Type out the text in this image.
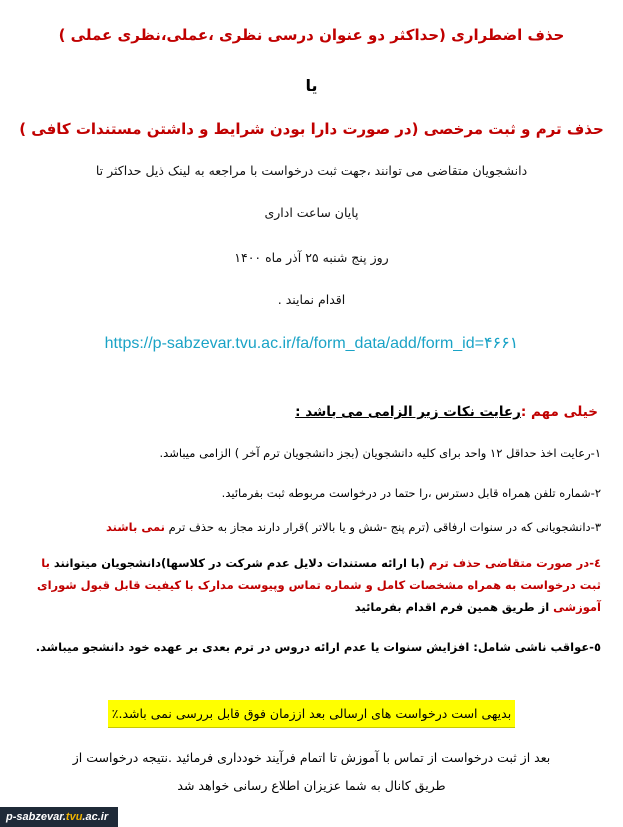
حذف اضطراری (حداکثر دو عنوان درسی نظری ،عملی،نظری عملی )
یا
حذف ترم و ثبت مرخصی (در صورت دارا بودن شرایط و داشتن مستندات کافی )
دانشجویان متقاضی می توانند ،جهت ثبت درخواست با مراجعه به لینک ذیل حداکثر تا
پایان ساعت اداری
روز پنج شنبه ۲۵ آذر ماه ۱۴۰۰
اقدام نمایند .
https://p-sabzevar.tvu.ac.ir/fa/form_data/add/form_id=۴۶۶۱
خیلی مهم :رعایت نکات زیر الزامی می باشد :
۱-رعایت اخذ حداقل ۱۲ واحد برای کلیه دانشجویان (بجز دانشجویان ترم آخر ) الزامی میباشد.
۲-شماره تلفن همراه قابل دسترس ،را حتما در درخواست مربوطه ثبت بفرمائید.
۳-دانشجویانی که در سنوات ارفاقی (ترم پنج -شش و یا بالاتر )قرار دارند مجاز به حذف ترم نمی باشند
٤-در صورت متقاضی حذف ترم (با ارائه مستندات دلایل عدم شرکت در کلاسها)دانشجویان میتوانند با ثبت درخواست به همراه مشخصات کامل و شماره تماس وپیوست مدارک با کیفیت قابل قبول شورای آموزشی از طریق همین فرم اقدام بفرمائید
٥-عواقب ناشی شامل: افزایش سنوات یا عدم ارائه دروس در ترم بعدی بر عهده خود دانشجو میباشد.
بدیهی است درخواست های ارسالی بعد اززمان فوق قابل بررسی نمی باشد.٪
بعد از ثبت درخواست از تماس با آموزش تا اتمام فرآیند خودداری فرمائید .نتیجه درخواست از
طریق کانال به شما عزیزان اطلاع رسانی خواهد شد
p-sabzevar.tvu.ac.ir
